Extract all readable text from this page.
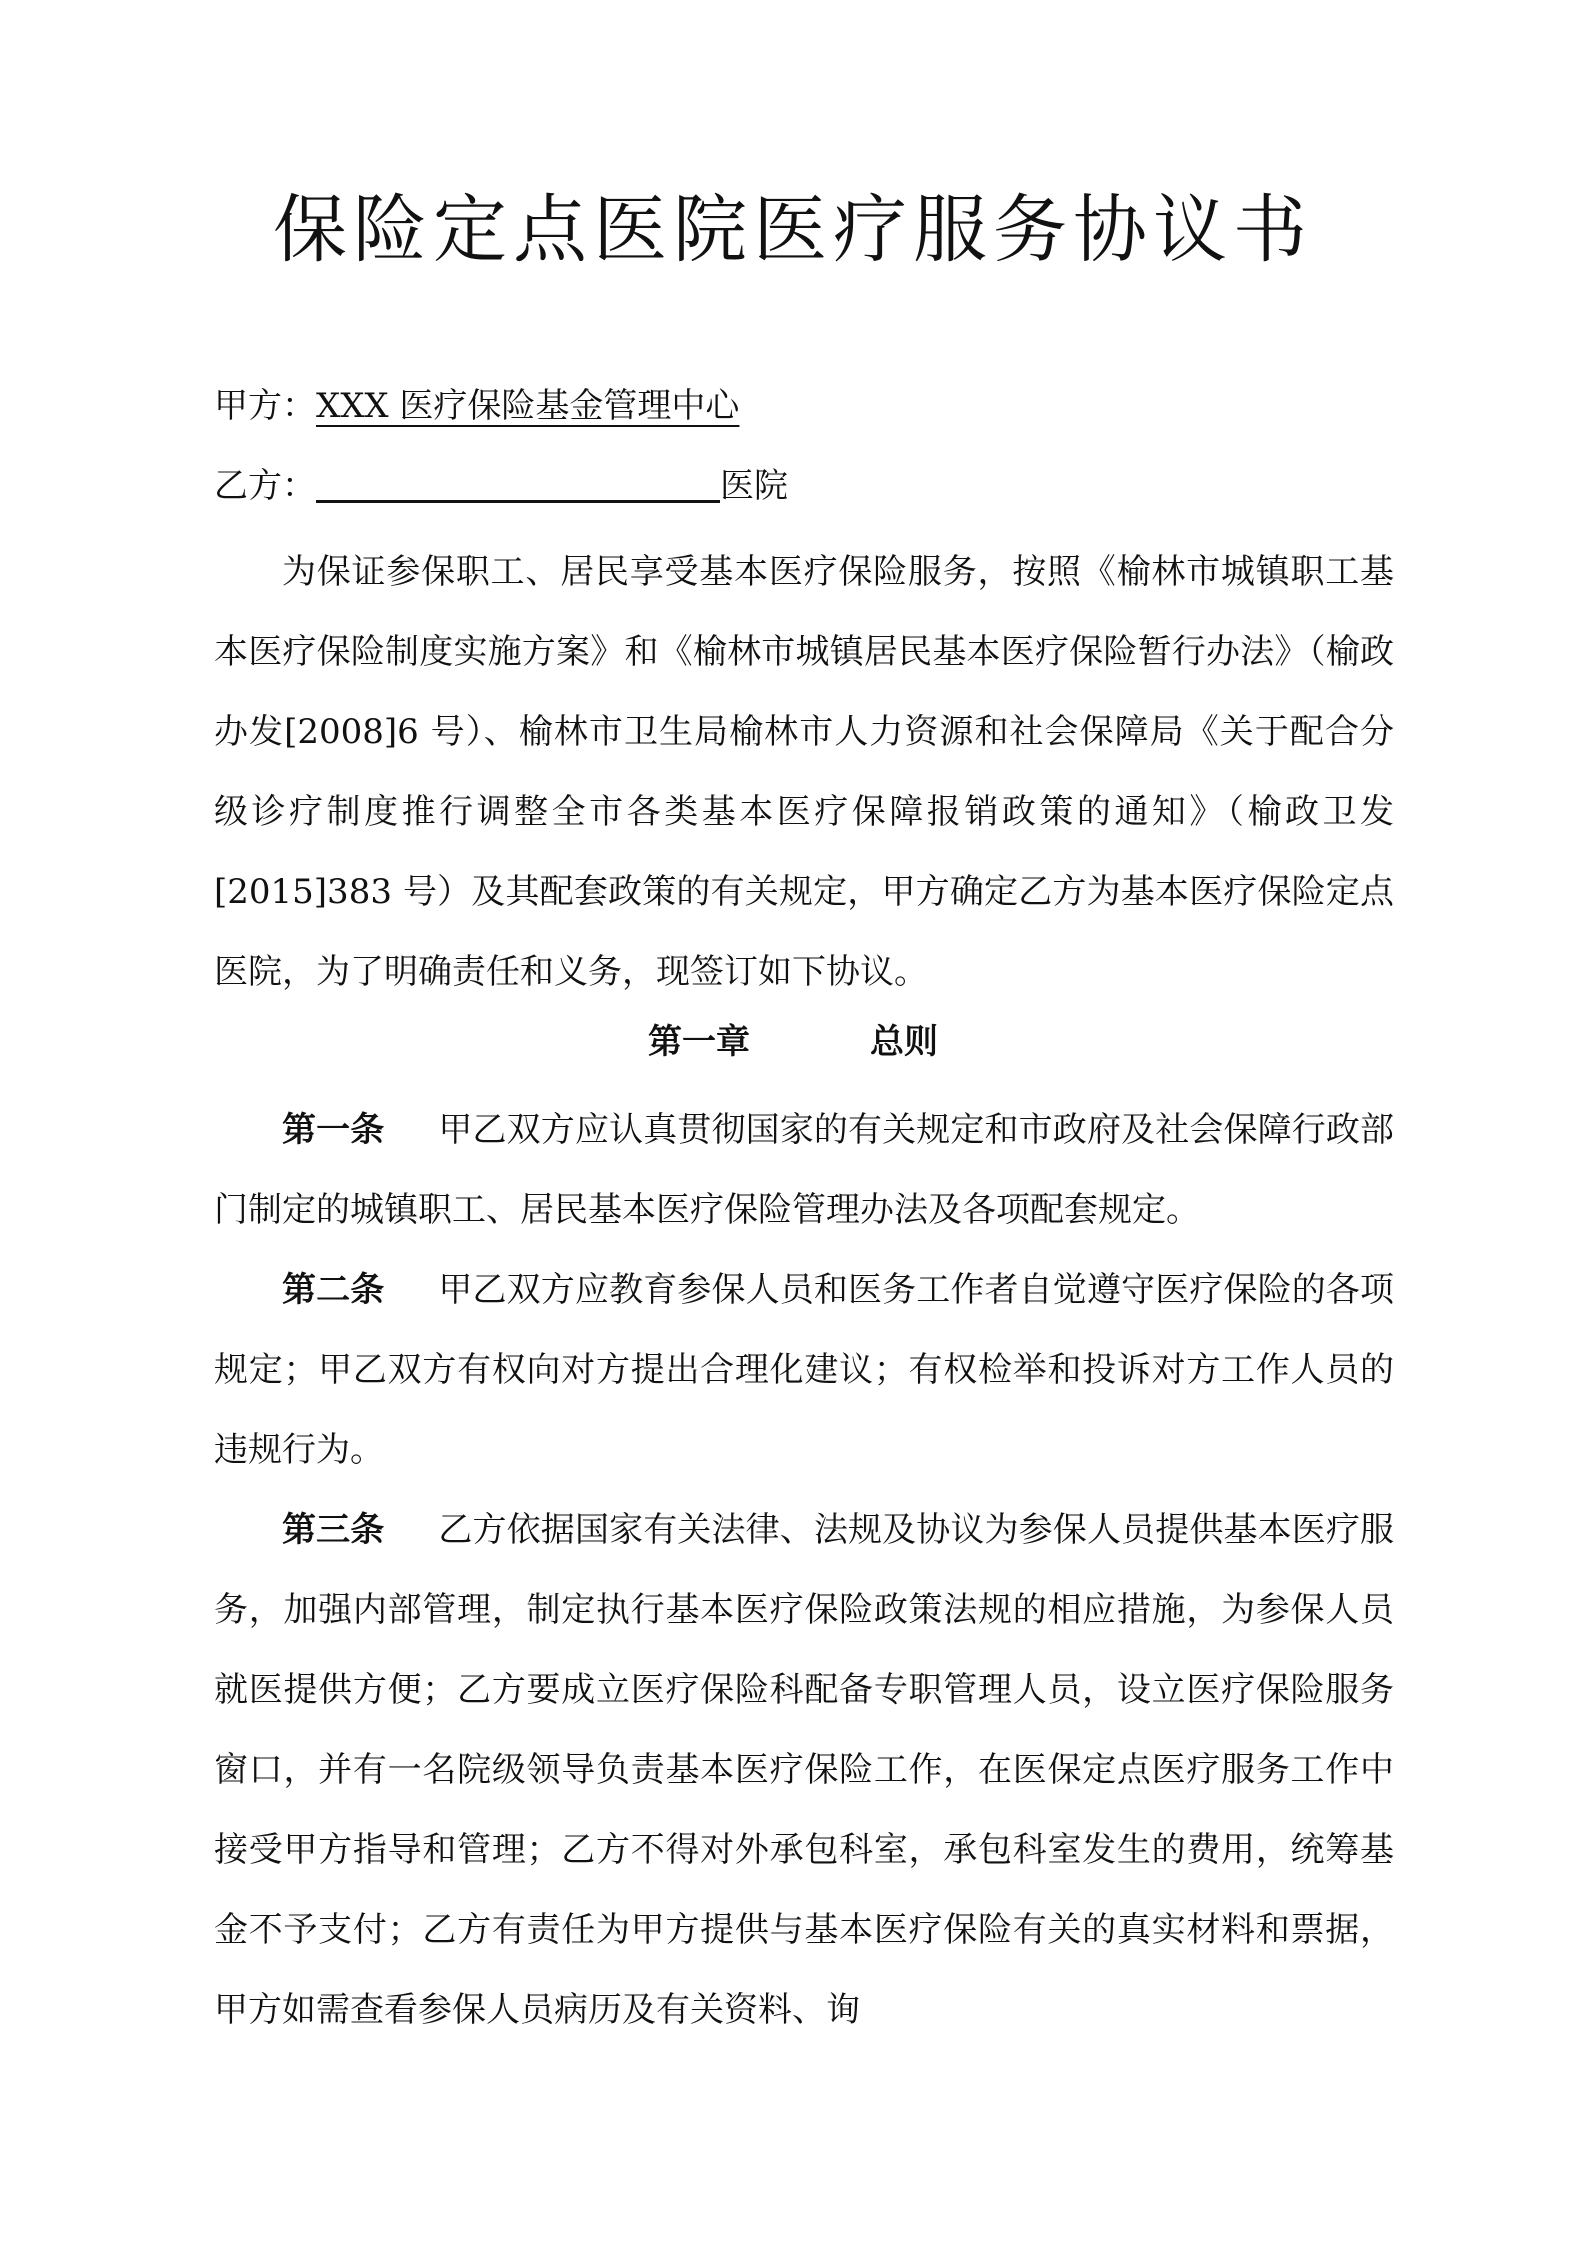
保险定点医院医疗服务协议书
甲方：XXX 医疗保险基金管理中心
乙方：	医院

为保证参保职工、居民享受基本医疗保险服务，按照《榆林市城镇职工基本医疗保险制度实施方案》和《榆林市城镇居民基本医疗保险暂行办法》（榆政办发[2008]6 号）、榆林市卫生局榆林市人力资源和社会保障局《关于配合分级诊疗制度推行调整全市各类基本医疗保障报销政策的通知》（榆政卫发[2015]383 号）及其配套政策的有关规定，甲方确定乙方为基本医疗保险定点医院，为了明确责任和义务，现签订如下协议。

第一章	总则

第一条 甲乙双方应认真贯彻国家的有关规定和市政府及社会保障行政部门制定的城镇职工、居民基本医疗保险管理办法及各项配套规定。

第二条 甲乙双方应教育参保人员和医务工作者自觉遵守医疗保险的各项规定；甲乙双方有权向对方提出合理化建议；有权检举和投诉对方工作人员的违规行为。

第三条 乙方依据国家有关法律、法规及协议为参保人员提供基本医疗服务，加强内部管理，制定执行基本医疗保险政策法规的相应措施，为参保人员就医提供方便；乙方要成立医疗保险科配备专职管理人员，设立医疗保险服务窗口，并有一名院级领导负责基本医疗保险工作，在医保定点医疗服务工作中接受甲方指导和管理；乙方不得对外承包科室，承包科室发生的费用，统筹基金不予支付；乙方有责任为甲方提供与基本医疗保险有关的真实材料和票据，甲方如需查看参保人员病历及有关资料、询
